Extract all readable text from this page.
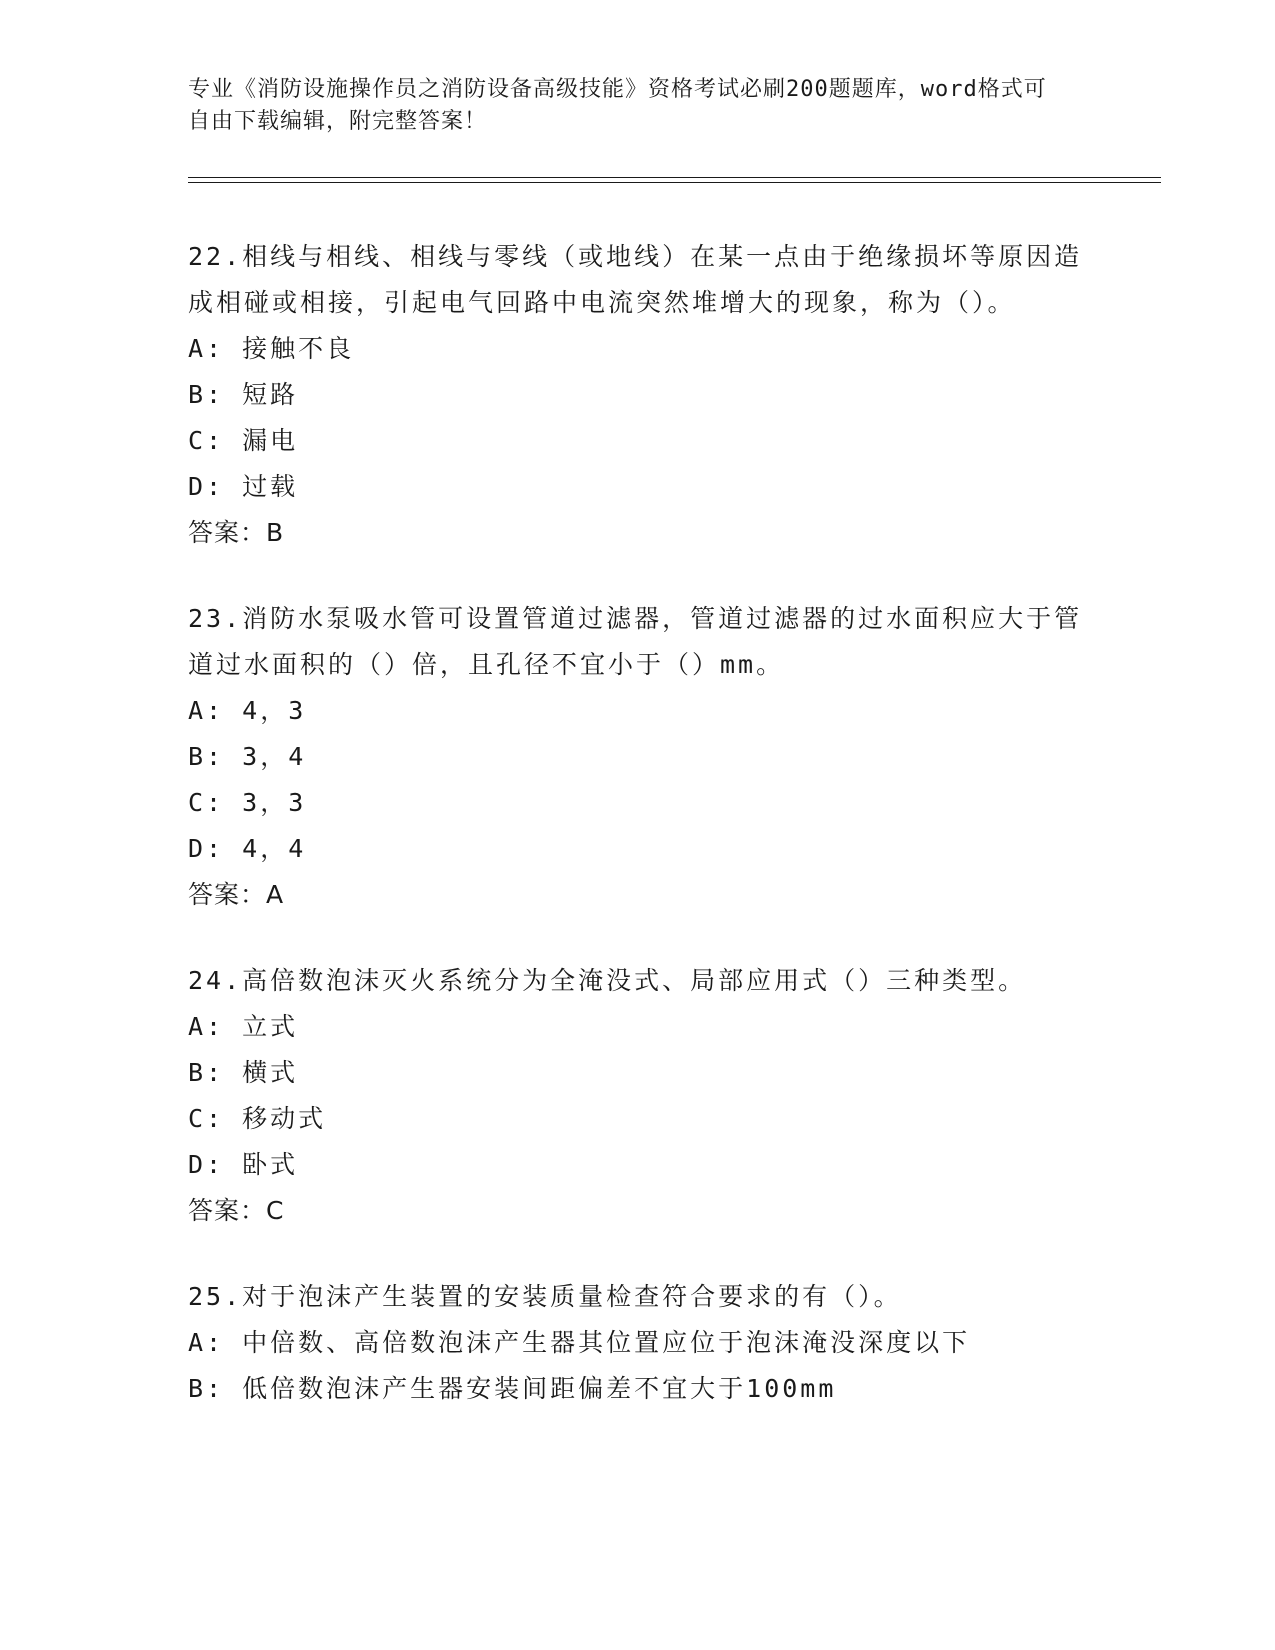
专业《消防设施操作员之消防设备高级技能》资格考试必刷200题题库，word格式可自由下载编辑，附完整答案！

22.相线与相线、相线与零线（或地线）在某一点由于绝缘损坏等原因造成相碰或相接，引起电气回路中电流突然堆增大的现象，称为（）。

A: 接触不良

B: 短路

C: 漏电

D: 过载

答案：B

23.消防水泵吸水管可设置管道过滤器，管道过滤器的过水面积应大于管道过水面积的（）倍，且孔径不宜小于（）mm。

A: 4，3

B: 3，4

C: 3，3

D: 4，4

答案：A

24.高倍数泡沫灭火系统分为全淹没式、局部应用式（）三种类型。

A: 立式

B: 横式

C: 移动式

D: 卧式

答案：C

25.对于泡沫产生装置的安装质量检查符合要求的有（）。

A: 中倍数、高倍数泡沫产生器其位置应位于泡沫淹没深度以下

B: 低倍数泡沫产生器安装间距偏差不宜大于100mm
